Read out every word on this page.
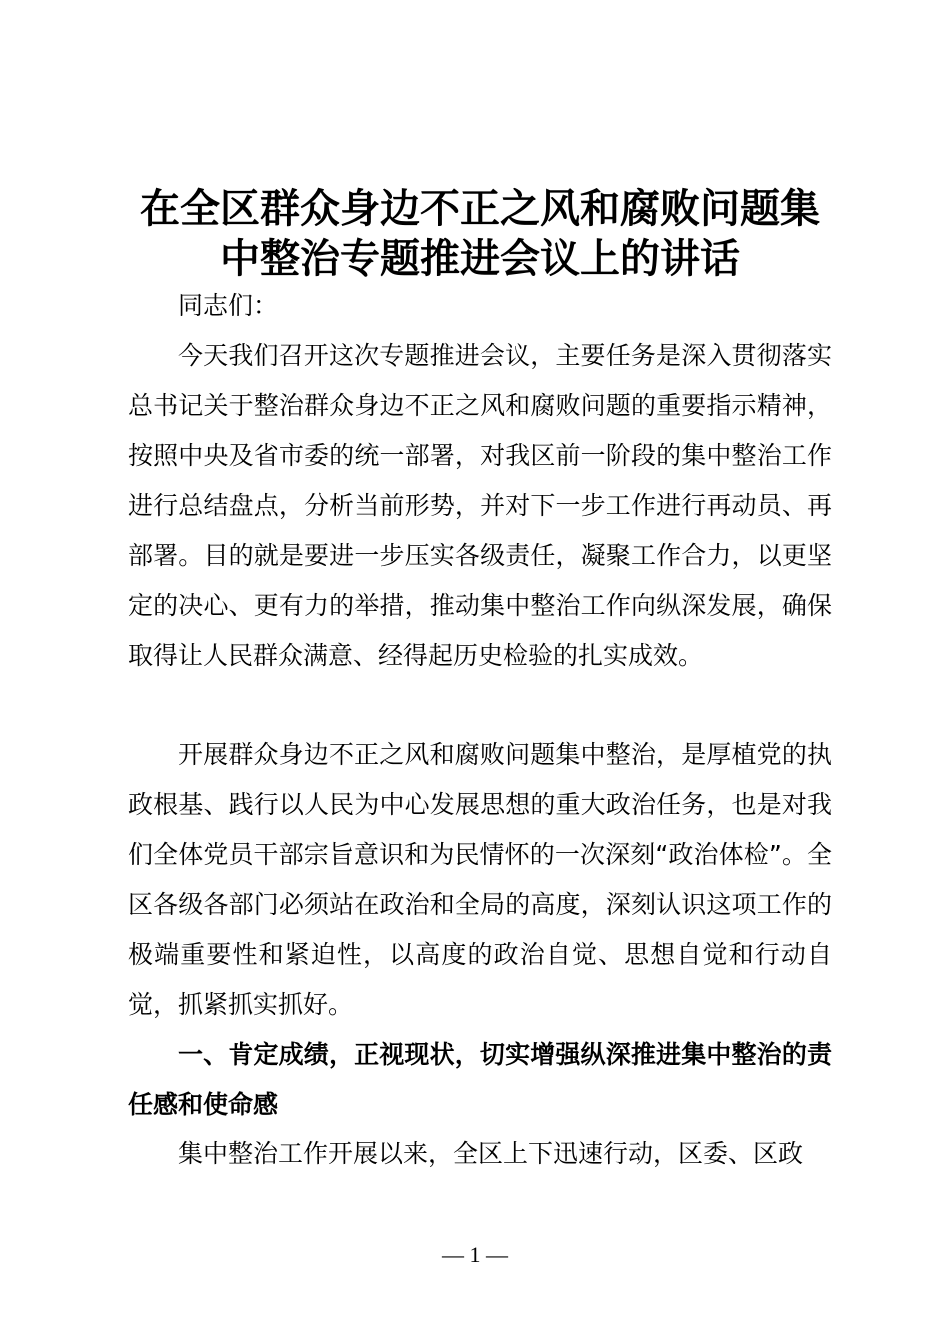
在全区群众身边不正之风和腐败问题集
中整治专题推进会议上的讲话

同志们：

今天我们召开这次专题推进会议，主要任务是深入贯彻落实总书记关于整治群众身边不正之风和腐败问题的重要指示精神，按照中央及省市委的统一部署，对我区前一阶段的集中整治工作进行总结盘点，分析当前形势，并对下一步工作进行再动员、再部署。目的就是要进一步压实各级责任，凝聚工作合力，以更坚定的决心、更有力的举措，推动集中整治工作向纵深发展，确保取得让人民群众满意、经得起历史检验的扎实成效。

开展群众身边不正之风和腐败问题集中整治，是厚植党的执政根基、践行以人民为中心发展思想的重大政治任务，也是对我们全体党员干部宗旨意识和为民情怀的一次深刻“政治体检”。全区各级各部门必须站在政治和全局的高度，深刻认识这项工作的极端重要性和紧迫性，以高度的政治自觉、思想自觉和行动自觉，抓紧抓实抓好。

一、肯定成绩，正视现状，切实增强纵深推进集中整治的责任感和使命感

集中整治工作开展以来，全区上下迅速行动，区委、区政

— 1 —
